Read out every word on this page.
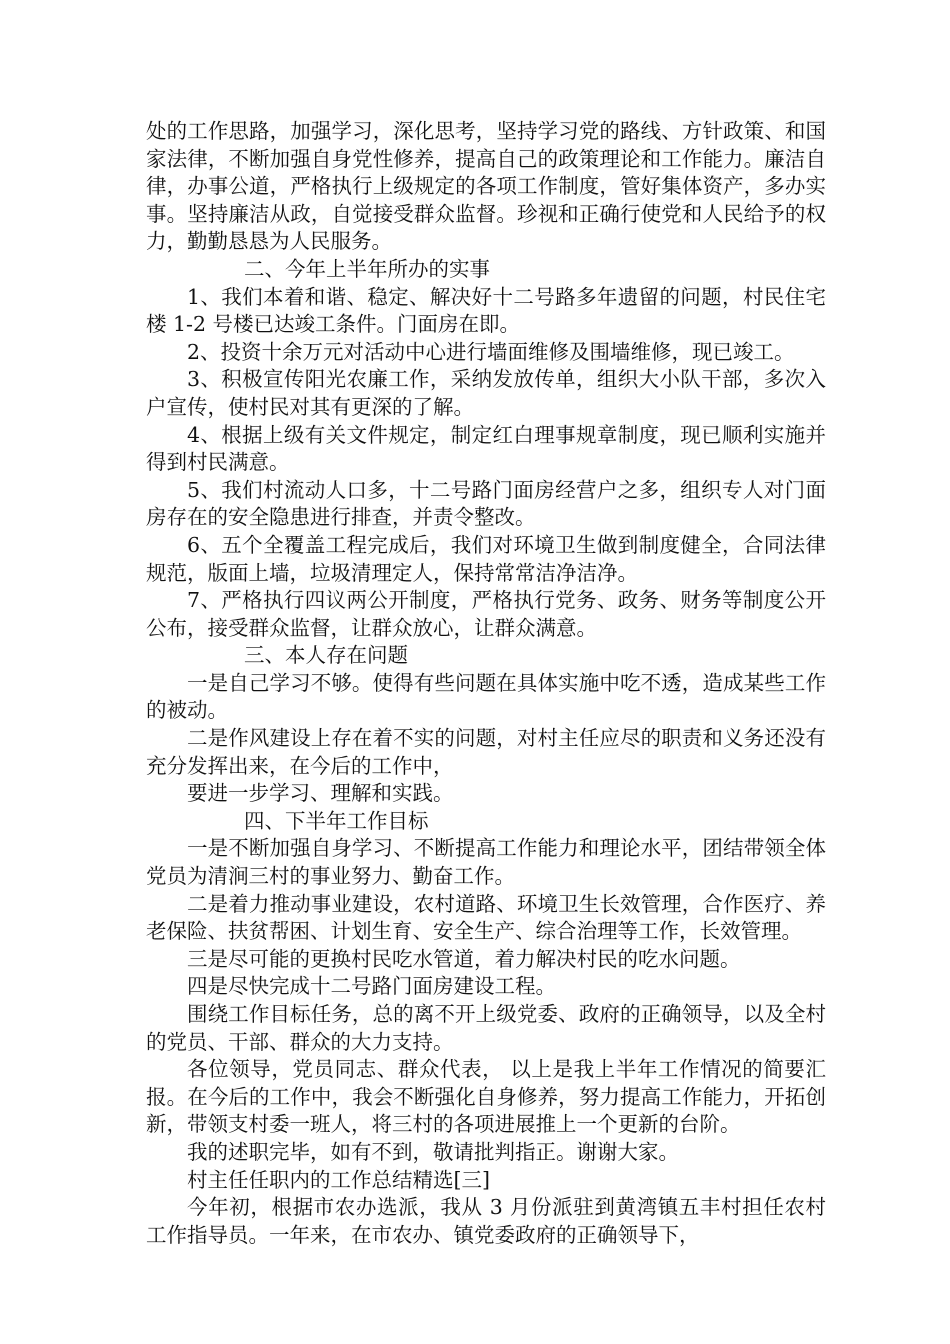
处的工作思路，加强学习，深化思考，坚持学习党的路线、方针政策、和国家法律，不断加强自身党性修养，提高自己的政策理论和工作能力。廉洁自律，办事公道，严格执行上级规定的各项工作制度，管好集体资产，多办实事。坚持廉洁从政，自觉接受群众监督。珍视和正确行使党和人民给予的权力，勤勤恳恳为人民服务。

二、今年上半年所办的实事

1、我们本着和谐、稳定、解决好十二号路多年遗留的问题，村民住宅楼 1-2 号楼已达竣工条件。门面房在即。

2、投资十余万元对活动中心进行墙面维修及围墙维修，现已竣工。

3、积极宣传阳光农廉工作，采纳发放传单，组织大小队干部，多次入户宣传，使村民对其有更深的了解。

4、根据上级有关文件规定，制定红白理事规章制度，现已顺利实施并得到村民满意。

5、我们村流动人口多，十二号路门面房经营户之多，组织专人对门面房存在的安全隐患进行排查，并责令整改。

6、五个全覆盖工程完成后，我们对环境卫生做到制度健全，合同法律规范，版面上墙，垃圾清理定人，保持常常洁净洁净。

7、严格执行四议两公开制度，严格执行党务、政务、财务等制度公开公布，接受群众监督，让群众放心，让群众满意。

三、本人存在问题

一是自己学习不够。使得有些问题在具体实施中吃不透，造成某些工作的被动。

二是作风建设上存在着不实的问题，对村主任应尽的职责和义务还没有充分发挥出来，在今后的工作中，

要进一步学习、理解和实践。

四、下半年工作目标

一是不断加强自身学习、不断提高工作能力和理论水平，团结带领全体党员为清涧三村的事业努力、勤奋工作。

二是着力推动事业建设，农村道路、环境卫生长效管理，合作医疗、养老保险、扶贫帮困、计划生育、安全生产、综合治理等工作，长效管理。

三是尽可能的更换村民吃水管道，着力解决村民的吃水问题。

四是尽快完成十二号路门面房建设工程。

围绕工作目标任务，总的离不开上级党委、政府的正确领导，以及全村的党员、干部、群众的大力支持。

各位领导，党员同志、群众代表， 以上是我上半年工作情况的简要汇报。在今后的工作中，我会不断强化自身修养，努力提高工作能力，开拓创新，带领支村委一班人，将三村的各项进展推上一个更新的台阶。

我的述职完毕，如有不到，敬请批判指正。谢谢大家。

村主任任职内的工作总结精选[三]

今年初，根据市农办选派，我从 3 月份派驻到黄湾镇五丰村担任农村工作指导员。一年来，在市农办、镇党委政府的正确领导下，
